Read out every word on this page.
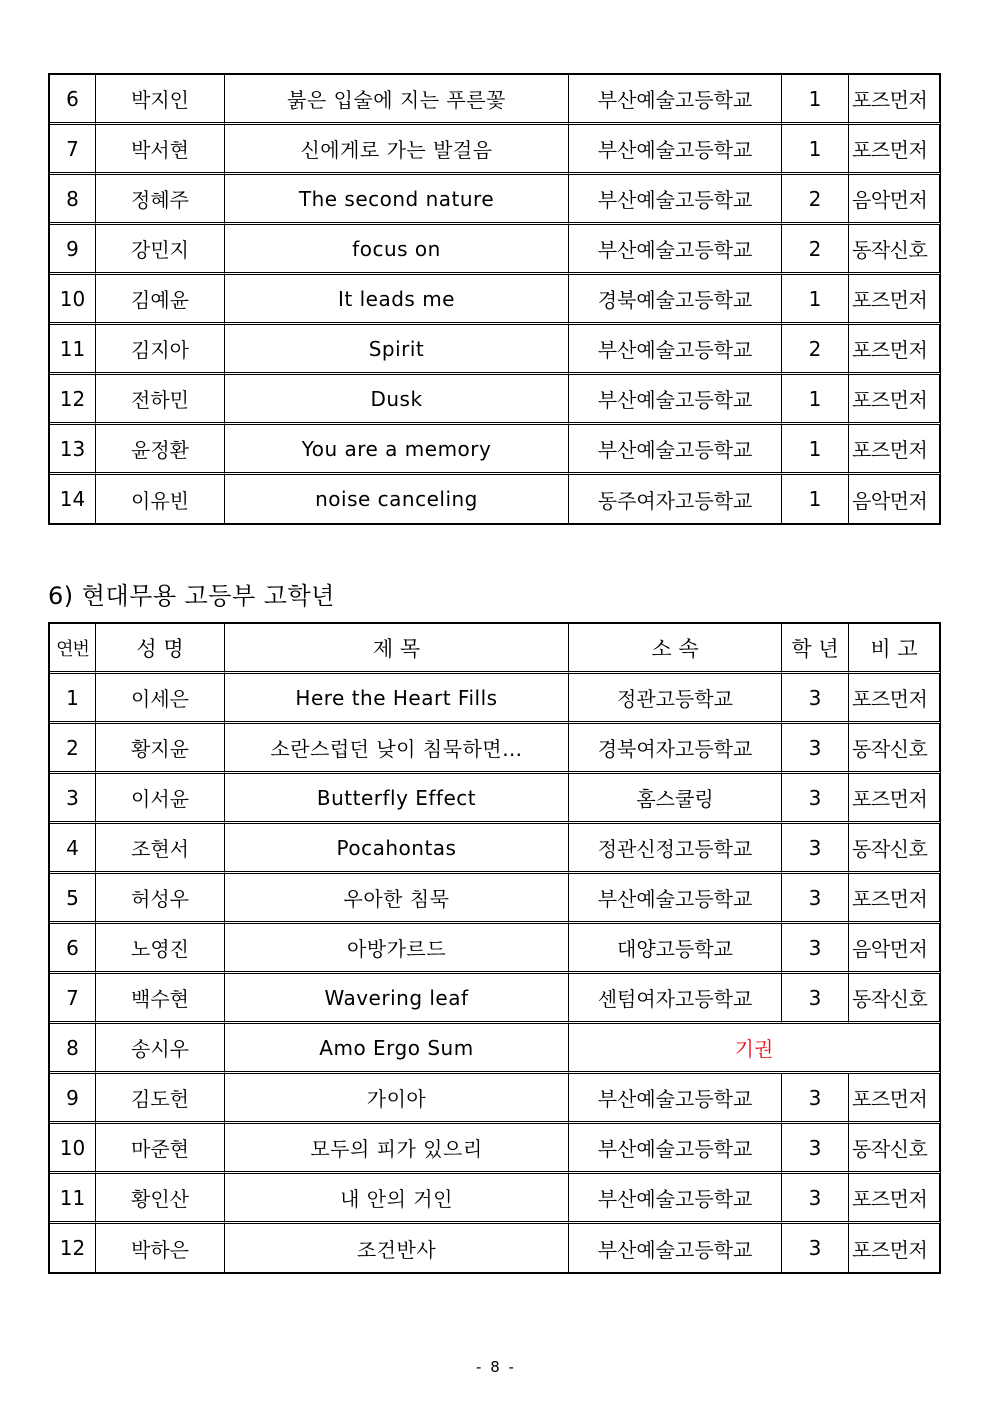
6	박지인	붉은 입술에 지는 푸른꽃	부산예술고등학교	1	포즈먼저
7	박서현	신에게로 가는 발걸음	부산예술고등학교	1	포즈먼저
8	정혜주	The second nature	부산예술고등학교	2	음악먼저
9	강민지	focus on	부산예술고등학교	2	동작신호
10	김예윤	It leads me	경북예술고등학교	1	포즈먼저
11	김지아	Spirit	부산예술고등학교	2	포즈먼저
12	전하민	Dusk	부산예술고등학교	1	포즈먼저
13	윤정환	You are a memory	부산예술고등학교	1	포즈먼저
14	이유빈	noise canceling	동주여자고등학교	1	음악먼저
6) 현대무용 고등부 고학년
연번	성 명	제 목	소 속	학 년	비 고
1	이세은	Here the Heart Fills	정관고등학교	3	포즈먼저
2	황지윤	소란스럽던 낮이 침묵하면…	경북여자고등학교	3	동작신호
3	이서윤	Butterfly Effect	홈스쿨링	3	포즈먼저
4	조현서	Pocahontas	정관신정고등학교	3	동작신호
5	허성우	우아한 침묵	부산예술고등학교	3	포즈먼저
6	노영진	아방가르드	대양고등학교	3	음악먼저
7	백수현	Wavering leaf	센텀여자고등학교	3	동작신호
8	송시우	Amo Ergo Sum	기권		
9	김도헌	가이아	부산예술고등학교	3	포즈먼저
10	마준현	모두의 피가 있으리	부산예술고등학교	3	동작신호
11	황인산	내 안의 거인	부산예술고등학교	3	포즈먼저
12	박하은	조건반사	부산예술고등학교	3	포즈먼저
- 8 -
